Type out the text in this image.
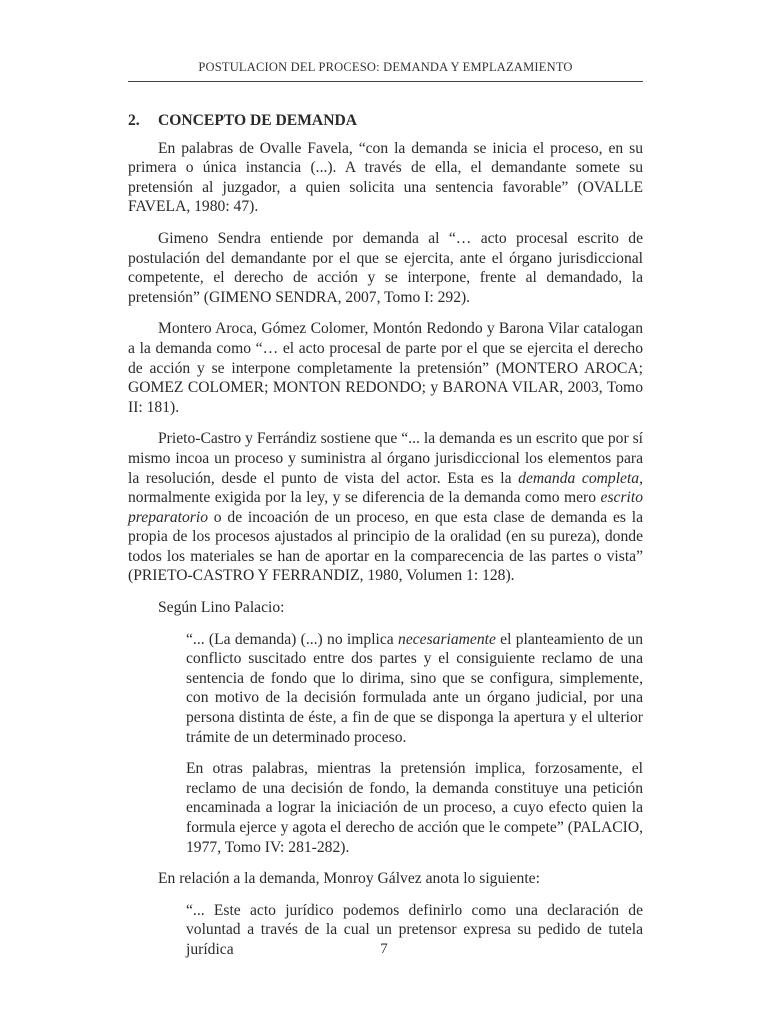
POSTULACION DEL PROCESO: DEMANDA Y EMPLAZAMIENTO
2. CONCEPTO DE DEMANDA

En palabras de Ovalle Favela, “con la demanda se inicia el proceso, en su primera o única instancia (...). A través de ella, el demandante somete su pretensión al juzgador, a quien solicita una sentencia favorable” (OVALLE FAVELA, 1980: 47).

Gimeno Sendra entiende por demanda al “… acto procesal escrito de postulación del demandante por el que se ejercita, ante el órgano jurisdiccional competente, el derecho de acción y se interpone, frente al demandado, la pretensión” (GIMENO SENDRA, 2007, Tomo I: 292).

Montero Aroca, Gómez Colomer, Montón Redondo y Barona Vilar catalogan a la demanda como “… el acto procesal de parte por el que se ejercita el derecho de acción y se interpone completamente la pretensión” (MONTERO AROCA; GOMEZ COLOMER; MONTON REDONDO; y BARONA VILAR, 2003, Tomo II: 181).

Prieto-Castro y Ferrándiz sostiene que “... la demanda es un escrito que por sí mismo incoa un proceso y suministra al órgano jurisdiccional los elementos para la resolución, desde el punto de vista del actor. Esta es la demanda completa, normalmente exigida por la ley, y se diferencia de la demanda como mero escrito preparatorio o de incoación de un proceso, en que esta clase de demanda es la propia de los procesos ajustados al principio de la oralidad (en su pureza), donde todos los materiales se han de aportar en la comparecencia de las partes o vista” (PRIETO-CASTRO Y FERRANDIZ, 1980, Volumen 1: 128).

Según Lino Palacio:

“... (La demanda) (...) no implica necesariamente el planteamiento de un conflicto suscitado entre dos partes y el consiguiente reclamo de una sentencia de fondo que lo dirima, sino que se configura, simplemente, con motivo de la decisión formulada ante un órgano judicial, por una persona distinta de éste, a fin de que se disponga la apertura y el ulterior trámite de un determinado proceso.

En otras palabras, mientras la pretensión implica, forzosamente, el reclamo de una decisión de fondo, la demanda constituye una petición encaminada a lograr la iniciación de un proceso, a cuyo efecto quien la formula ejerce y agota el derecho de acción que le compete” (PALACIO, 1977, Tomo IV: 281-282).

En relación a la demanda, Monroy Gálvez anota lo siguiente:

“... Este acto jurídico podemos definirlo como una declaración de voluntad a través de la cual un pretensor expresa su pedido de tutela jurídica	7
